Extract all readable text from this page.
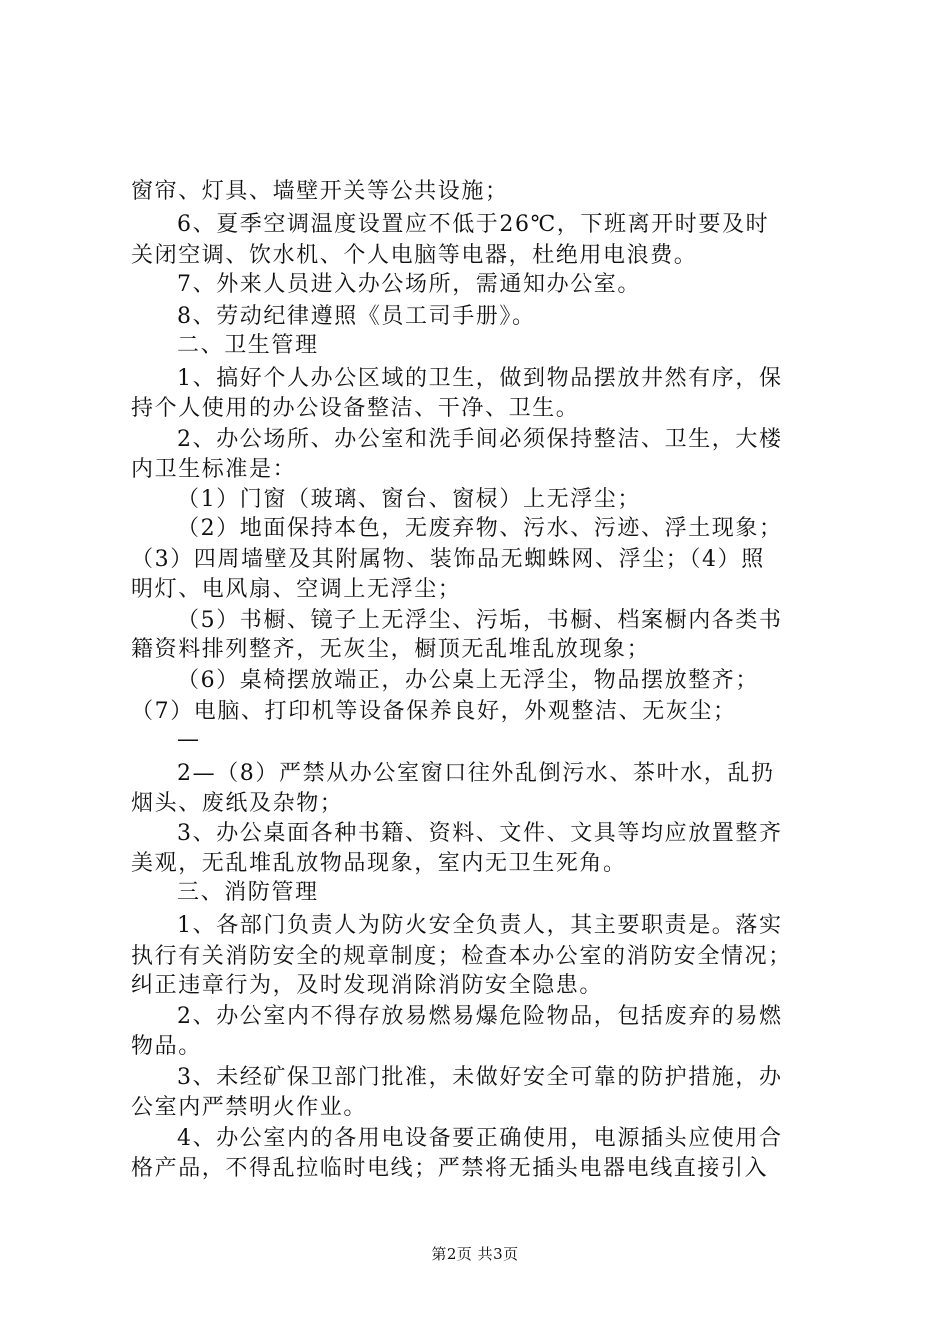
窗帘、灯具、墙壁开关等公共设施；
6、夏季空调温度设置应不低于26℃，下班离开时要及时
关闭空调、饮水机、个人电脑等电器，杜绝用电浪费。
7、外来人员进入办公场所，需通知办公室。
8、劳动纪律遵照《员工司手册》。
二、卫生管理
1、搞好个人办公区域的卫生，做到物品摆放井然有序，保
持个人使用的办公设备整洁、干净、卫生。
2、办公场所、办公室和洗手间必须保持整洁、卫生，大楼
内卫生标准是：
（1）门窗（玻璃、窗台、窗棂）上无浮尘；
（2）地面保持本色，无废弃物、污水、污迹、浮土现象；
（3）四周墙壁及其附属物、装饰品无蜘蛛网、浮尘；（4）照
明灯、电风扇、空调上无浮尘；
（5）书橱、镜子上无浮尘、污垢，书橱、档案橱内各类书
籍资料排列整齐，无灰尘，橱顶无乱堆乱放现象；
（6）桌椅摆放端正，办公桌上无浮尘，物品摆放整齐；
（7）电脑、打印机等设备保养良好，外观整洁、无灰尘；
—
2—（8）严禁从办公室窗口往外乱倒污水、茶叶水，乱扔
烟头、废纸及杂物；
3、办公桌面各种书籍、资料、文件、文具等均应放置整齐
美观，无乱堆乱放物品现象，室内无卫生死角。
三、消防管理
1、各部门负责人为防火安全负责人，其主要职责是。落实
执行有关消防安全的规章制度；检查本办公室的消防安全情况；
纠正违章行为，及时发现消除消防安全隐患。
2、办公室内不得存放易燃易爆危险物品，包括废弃的易燃
物品。
3、未经矿保卫部门批准，未做好安全可靠的防护措施，办
公室内严禁明火作业。
4、办公室内的各用电设备要正确使用，电源插头应使用合
格产品，不得乱拉临时电线；严禁将无插头电器电线直接引入
第2页 共3页
